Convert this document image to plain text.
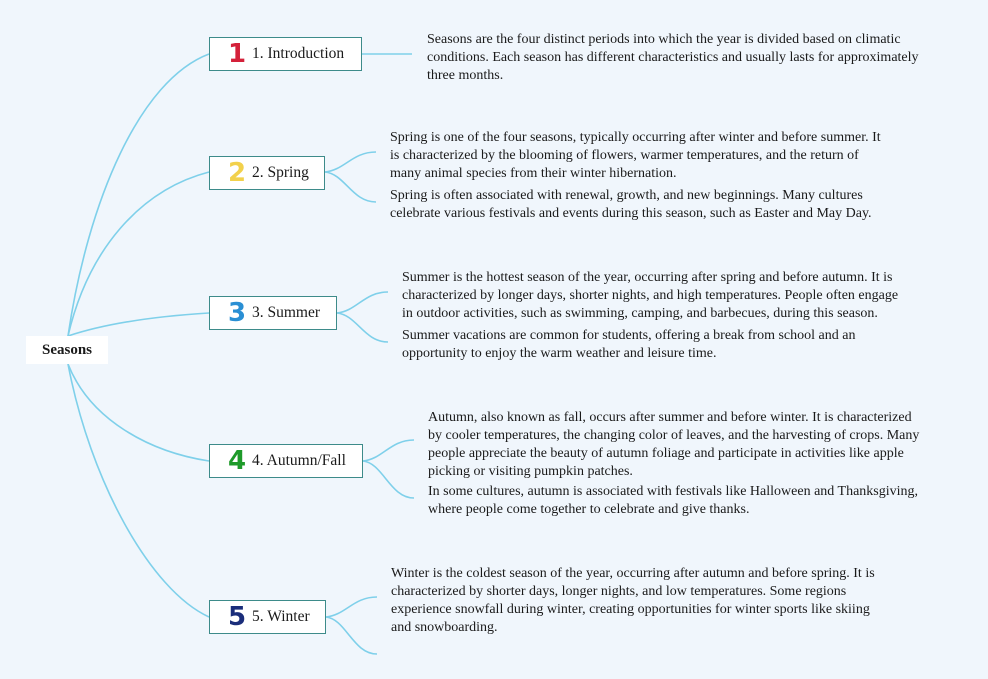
Seasons
1 1. Introduction
Seasons are the four distinct periods into which the year is divided based on climatic conditions. Each season has different characteristics and usually lasts for approximately three months.
2 2. Spring
Spring is one of the four seasons, typically occurring after winter and before summer. It is characterized by the blooming of flowers, warmer temperatures, and the return of many animal species from their winter hibernation.
Spring is often associated with renewal, growth, and new beginnings. Many cultures celebrate various festivals and events during this season, such as Easter and May Day.
3 3. Summer
Summer is the hottest season of the year, occurring after spring and before autumn. It is characterized by longer days, shorter nights, and high temperatures. People often engage in outdoor activities, such as swimming, camping, and barbecues, during this season.
Summer vacations are common for students, offering a break from school and an opportunity to enjoy the warm weather and leisure time.
4 4. Autumn/Fall
Autumn, also known as fall, occurs after summer and before winter. It is characterized by cooler temperatures, the changing color of leaves, and the harvesting of crops. Many people appreciate the beauty of autumn foliage and participate in activities like apple picking or visiting pumpkin patches.
In some cultures, autumn is associated with festivals like Halloween and Thanksgiving, where people come together to celebrate and give thanks.
5 5. Winter
Winter is the coldest season of the year, occurring after autumn and before spring. It is characterized by shorter days, longer nights, and low temperatures. Some regions experience snowfall during winter, creating opportunities for winter sports like skiing and snowboarding.
